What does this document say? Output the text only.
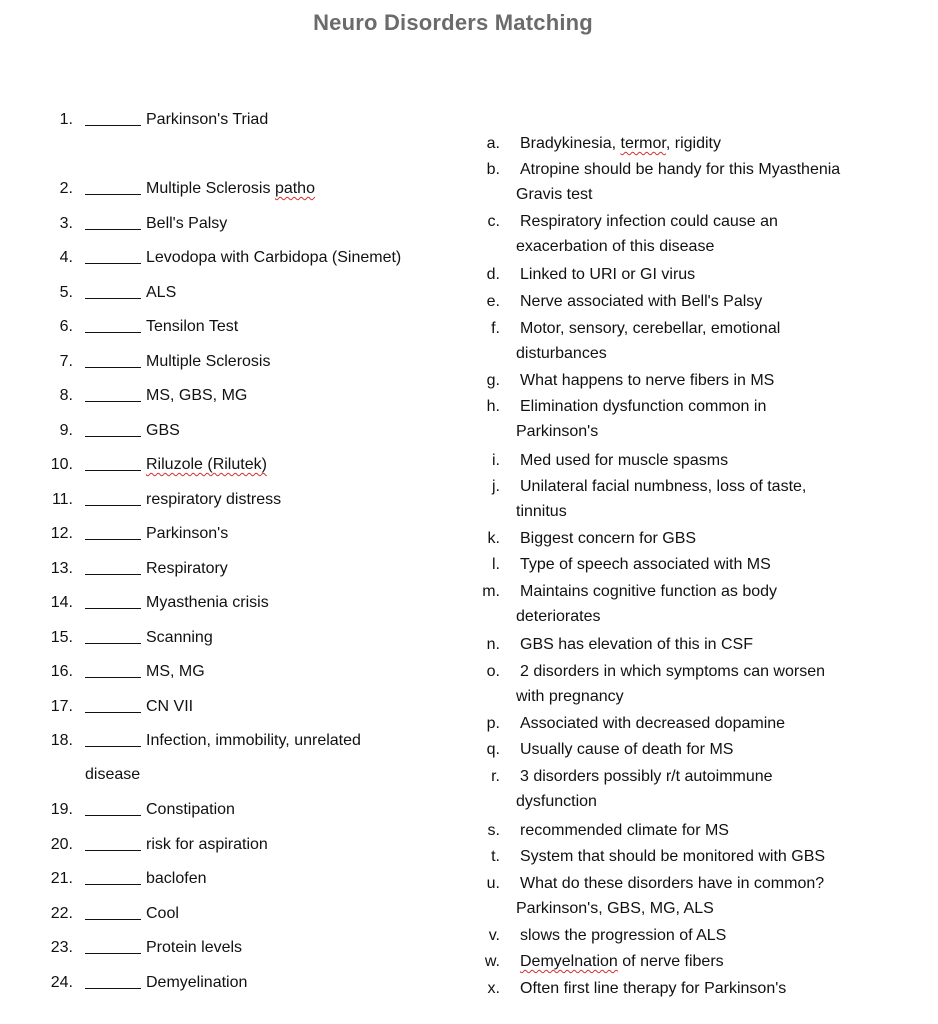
Neuro Disorders Matching
1.	Parkinson's Triad
2.	Multiple Sclerosis patho
3.	Bell's Palsy
4.	Levodopa with Carbidopa (Sinemet)
5.	ALS
6.	Tensilon Test
7.	Multiple Sclerosis
8.	MS, GBS, MG
9.	GBS
10.	Riluzole (Rilutek)
11.	respiratory distress
12.	Parkinson's
13.	Respiratory
14.	Myasthenia crisis
15.	Scanning
16.	MS, MG
17.	CN VII
18.	Infection, immobility, unrelated
disease
19.	Constipation
20.	risk for aspiration
21.	baclofen
22.	Cool
23.	Protein levels
24.	Demyelination
a. Bradykinesia, termor, rigidity
b. Atropine should be handy for this Myasthenia
Gravis test
c. Respiratory infection could cause an
exacerbation of this disease
d. Linked to URI or GI virus
e. Nerve associated with Bell's Palsy
f. Motor, sensory, cerebellar, emotional
disturbances
g. What happens to nerve fibers in MS
h. Elimination dysfunction common in
Parkinson's
i. Med used for muscle spasms
j. Unilateral facial numbness, loss of taste,
tinnitus
k. Biggest concern for GBS
l. Type of speech associated with MS
m. Maintains cognitive function as body
deteriorates
n. GBS has elevation of this in CSF
o. 2 disorders in which symptoms can worsen
with pregnancy
p. Associated with decreased dopamine
q. Usually cause of death for MS
r. 3 disorders possibly r/t autoimmune
dysfunction
s. recommended climate for MS
t. System that should be monitored with GBS
u. What do these disorders have in common?
Parkinson's, GBS, MG, ALS
v. slows the progression of ALS
w. Demyelnation of nerve fibers
x. Often first line therapy for Parkinson's
